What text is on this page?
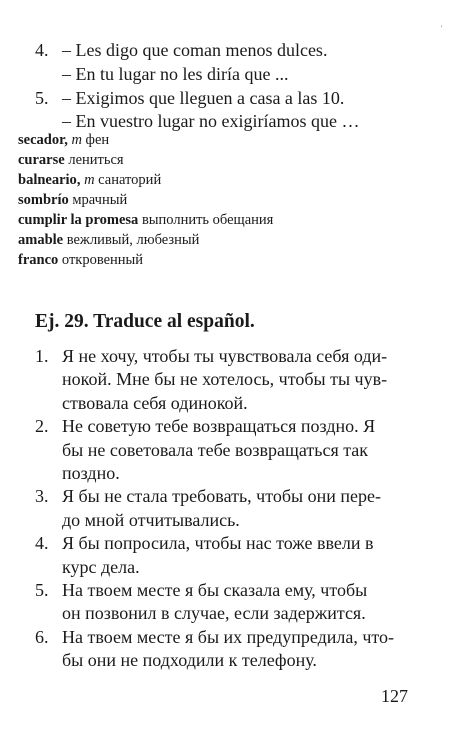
'
4. – Les digo que coman menos dulces.
– En tu lugar no les diría que ...
5. – Exigimos que lleguen a casa a las 10.
– En vuestro lugar no exigiríamos que …
secador, m фен
curarse лениться
balneario, m санаторий
sombrío мрачный
cumplir la promesa выполнить обещания
amable вежливый, любезный
franco откровенный
Ej. 29. Traduce al español.
1. Я не хочу, чтобы ты чувствовала себя оди-
нокой. Мне бы не хотелось, чтобы ты чув-
ствовала себя одинокой.
2. Не советую тебе возвращаться поздно. Я
бы не советовала тебе возвращаться так
поздно.
3. Я бы не стала требовать, чтобы они пере-
до мной отчитывались.
4. Я бы попросила, чтобы нас тоже ввели в
курс дела.
5. На твоем месте я бы сказала ему, чтобы
он позвонил в случае, если задержится.
6. На твоем месте я бы их предупредила, что-
бы они не подходили к телефону.
127
